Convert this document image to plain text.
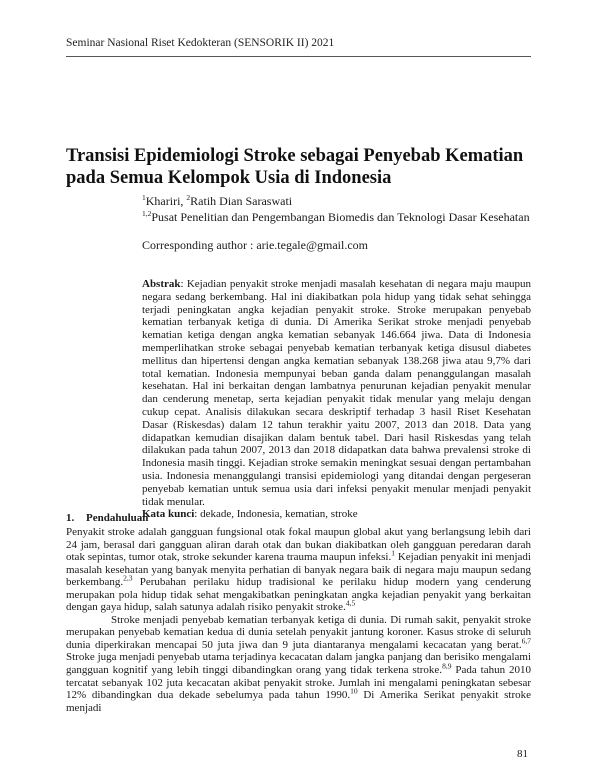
Seminar Nasional Riset Kedokteran (SENSORIK II) 2021
Transisi Epidemiologi Stroke sebagai Penyebab Kematian pada Semua Kelompok Usia di Indonesia
$^1$Khariri, $^2$Ratih Dian Saraswati
$^{1,2}$Pusat Penelitian dan Pengembangan Biomedis dan Teknologi Dasar Kesehatan
Corresponding author : arie.tegale@gmail.com
Abstrak: Kejadian penyakit stroke menjadi masalah kesehatan di negara maju maupun negara sedang berkembang. Hal ini diakibatkan pola hidup yang tidak sehat sehingga terjadi peningkatan angka kejadian penyakit stroke. Stroke merupakan penyebab kematian terbanyak ketiga di dunia. Di Amerika Serikat stroke menjadi penyebab kematian ketiga dengan angka kematian sebanyak 146.664 jiwa. Data di Indonesia memperlihatkan stroke sebagai penyebab kematian terbanyak ketiga disusul diabetes mellitus dan hipertensi dengan angka kematian sebanyak 138.268 jiwa atau 9,7% dari total kematian. Indonesia mempunyai beban ganda dalam penanggulangan masalah kesehatan. Hal ini berkaitan dengan lambatnya penurunan kejadian penyakit menular dan cenderung menetap, serta kejadian penyakit tidak menular yang melaju dengan cukup cepat. Analisis dilakukan secara deskriptif terhadap 3 hasil Riset Kesehatan Dasar (Riskesdas) dalam 12 tahun terakhir yaitu 2007, 2013 dan 2018. Data yang didapatkan kemudian disajikan dalam bentuk tabel. Dari hasil Riskesdas yang telah dilakukan pada tahun 2007, 2013 dan 2018 didapatkan data bahwa prevalensi stroke di Indonesia masih tinggi. Kejadian stroke semakin meningkat sesuai dengan pertambahan usia. Indonesia menanggulangi transisi epidemiologi yang ditandai dengan pergeseran penyebab kematian untuk semua usia dari infeksi penyakit menular menjadi penyakit tidak menular.
Kata kunci: dekade, Indonesia, kematian, stroke
1. Pendahuluan

Penyakit stroke adalah gangguan fungsional otak fokal maupun global akut yang berlangsung lebih dari 24 jam, berasal dari gangguan aliran darah otak dan bukan diakibatkan oleh gangguan peredaran darah otak sepintas, tumor otak, stroke sekunder karena trauma maupun infeksi.$^1$ Kejadian penyakit ini menjadi masalah kesehatan yang banyak menyita perhatian di banyak negara baik di negara maju maupun sedang berkembang.$^{2,3}$ Perubahan perilaku hidup tradisional ke perilaku hidup modern yang cenderung merupakan pola hidup tidak sehat mengakibatkan peningkatan angka kejadian penyakit yang berkaitan dengan gaya hidup, salah satunya adalah risiko penyakit stroke.$^{4,5}$

Stroke menjadi penyebab kematian terbanyak ketiga di dunia. Di rumah sakit, penyakit stroke merupakan penyebab kematian kedua di dunia setelah penyakit jantung koroner. Kasus stroke di seluruh dunia diperkirakan mencapai 50 juta jiwa dan 9 juta diantaranya mengalami kecacatan yang berat.$^{6,7}$ Stroke juga menjadi penyebab utama terjadinya kecacatan dalam jangka panjang dan berisiko mengalami gangguan kognitif yang lebih tinggi dibandingkan orang yang tidak terkena stroke.$^{8,9}$ Pada tahun 2010 tercatat sebanyak 102 juta kecacatan akibat penyakit stroke. Jumlah ini mengalami peningkatan sebesar 12% dibandingkan dua dekade sebelumya pada tahun 1990.10 Di Amerika Serikat penyakit stroke menjadi

81
